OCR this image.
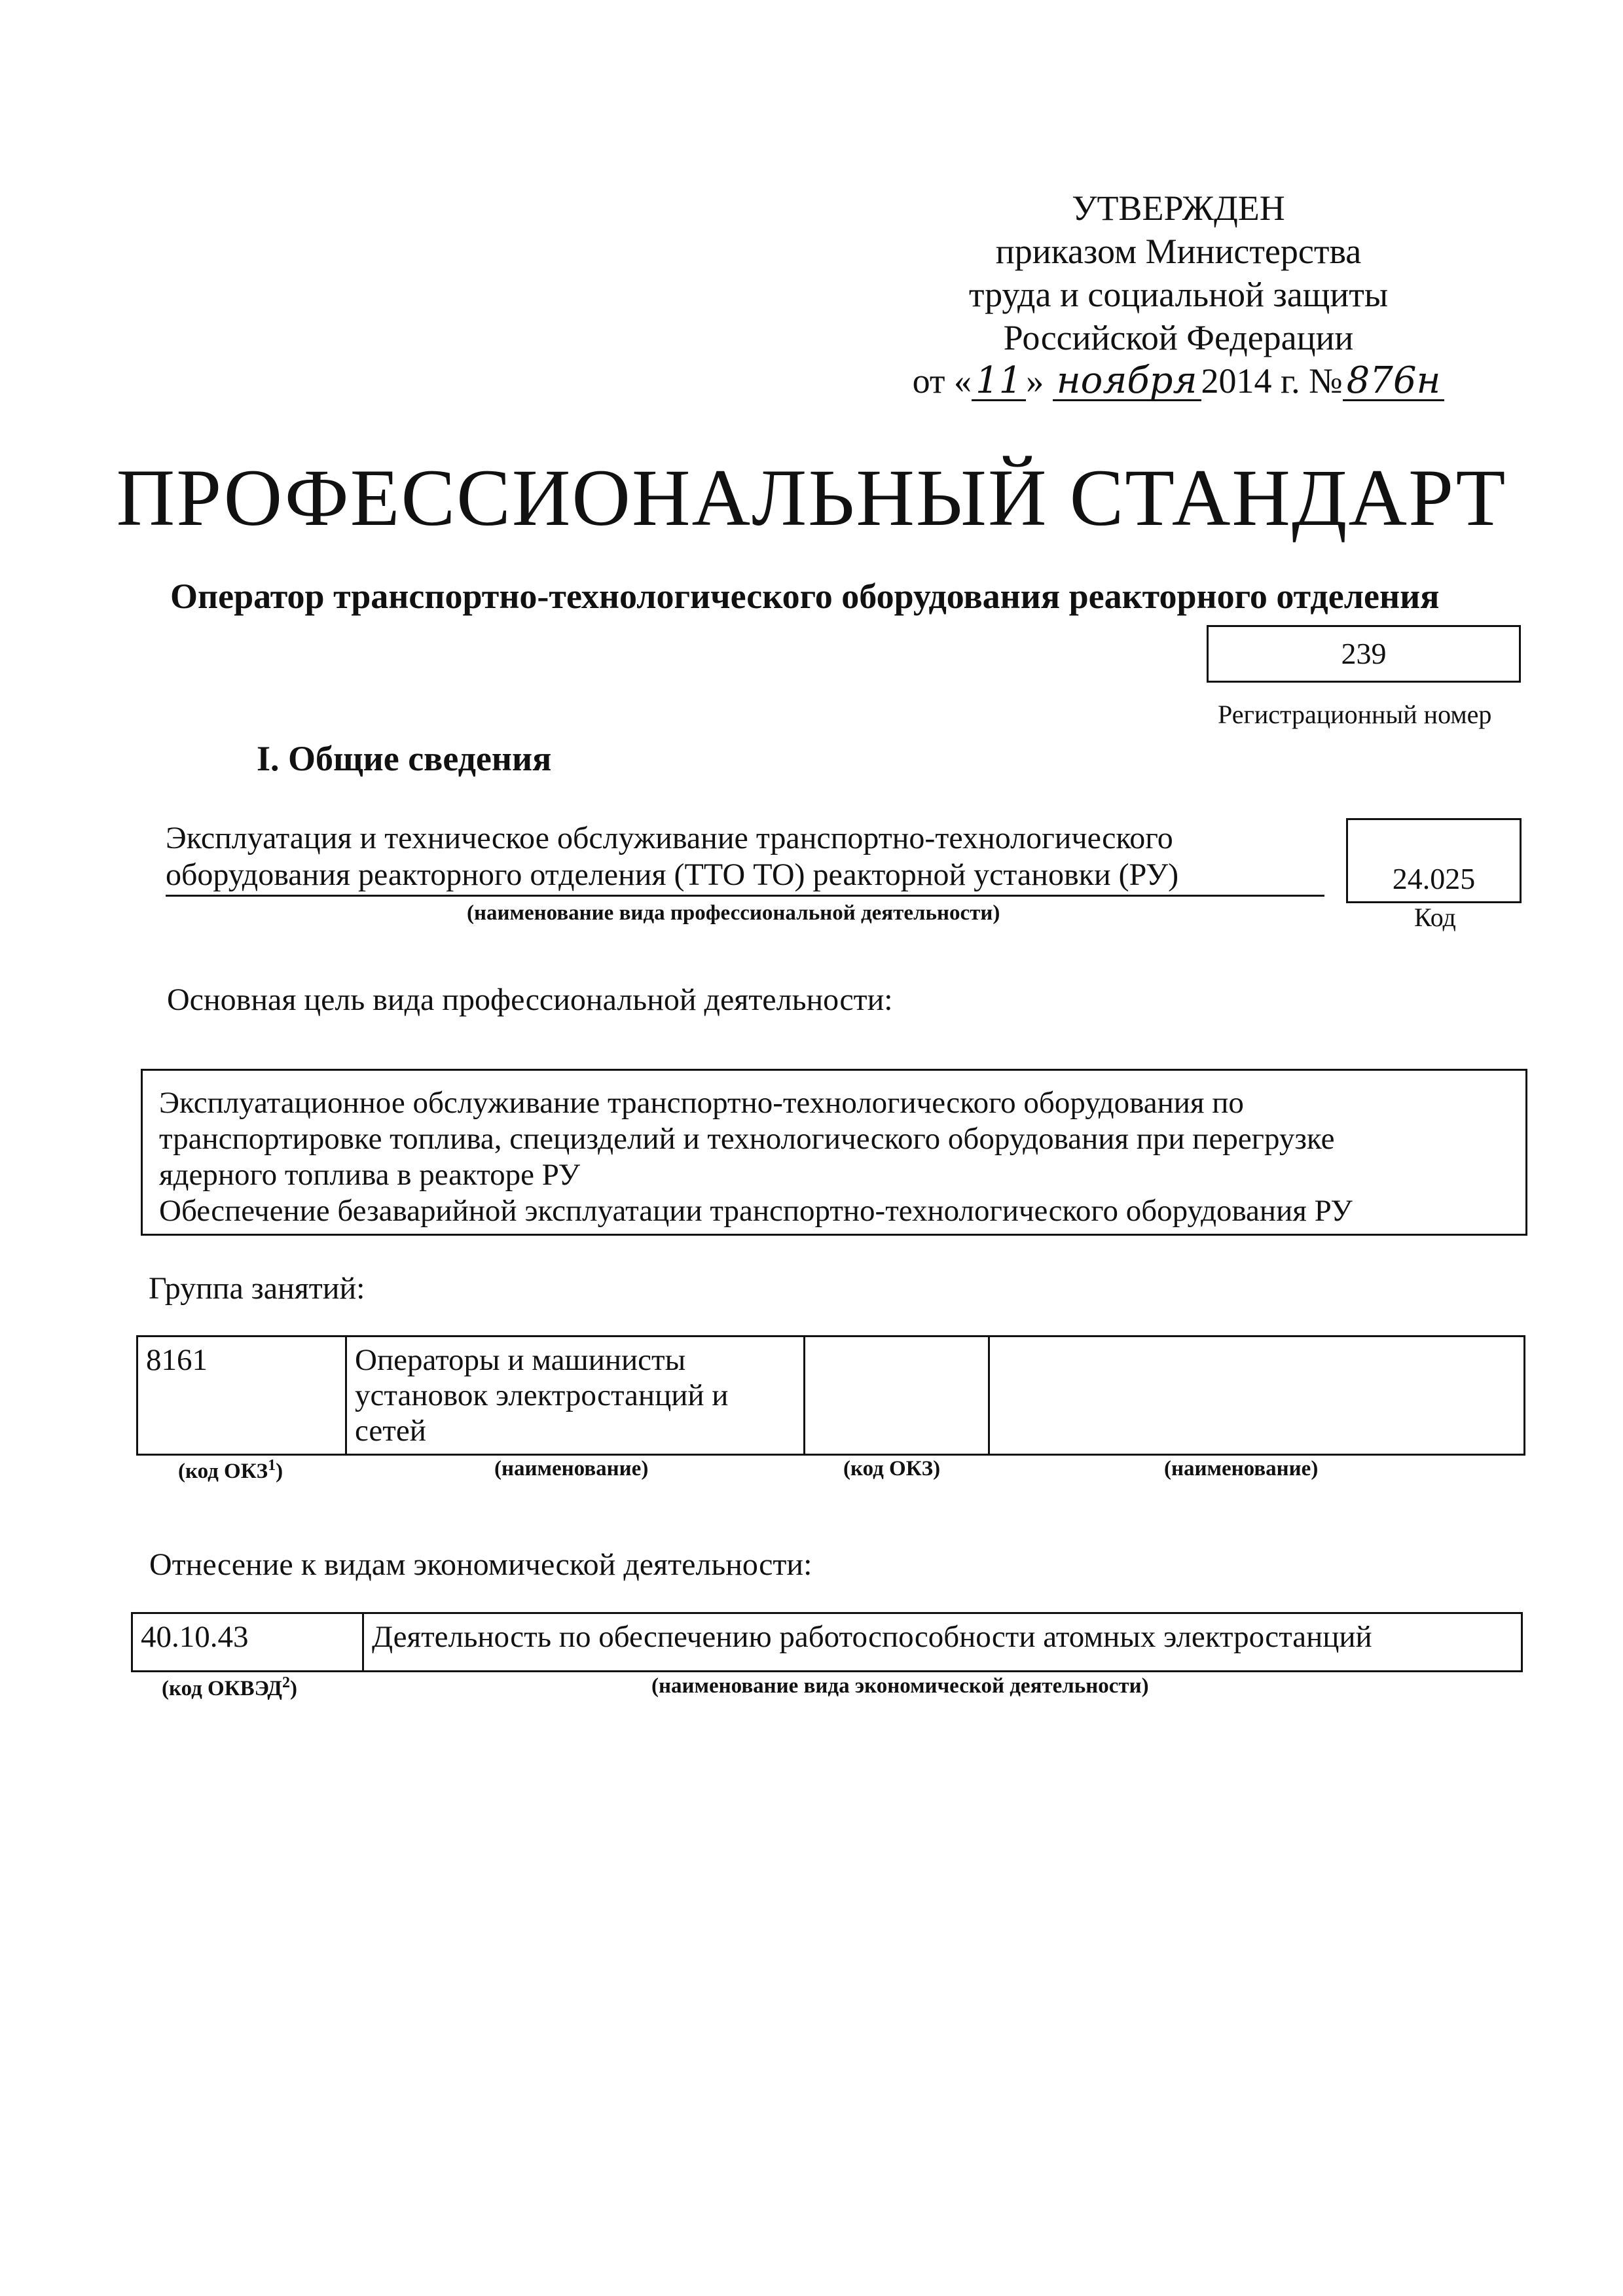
УТВЕРЖДЕН
приказом Министерства
труда и социальной защиты
Российской Федерации
от « 11 » ноября 2014 г. № 876н
ПРОФЕССИОНАЛЬНЫЙ СТАНДАРТ
Оператор транспортно-технологического оборудования реакторного отделения
239
Регистрационный номер
I. Общие сведения
Эксплуатация и техническое обслуживание транспортно-технологического
оборудования реакторного отделения (ТТО ТО) реакторной установки (РУ)
(наименование вида профессиональной деятельности)
24.025
Код
Основная цель вида профессиональной деятельности:
Эксплуатационное обслуживание транспортно-технологического оборудования по
транспортировке топлива, специзделий и технологического оборудования при перегрузке
ядерного топлива в реакторе РУ
Обеспечение безаварийной эксплуатации транспортно-технологического оборудования РУ
Группа занятий:
8161	Операторы и машинисты установок электростанций и сетей		
(код ОКЗ$^1$)	(наименование)	(код ОКЗ)	(наименование)
Отнесение к видам экономической деятельности:
40.10.43	Деятельность по обеспечению работоспособности атомных электростанций
(код ОКВЭД$^2$)	(наименование вида экономической деятельности)
